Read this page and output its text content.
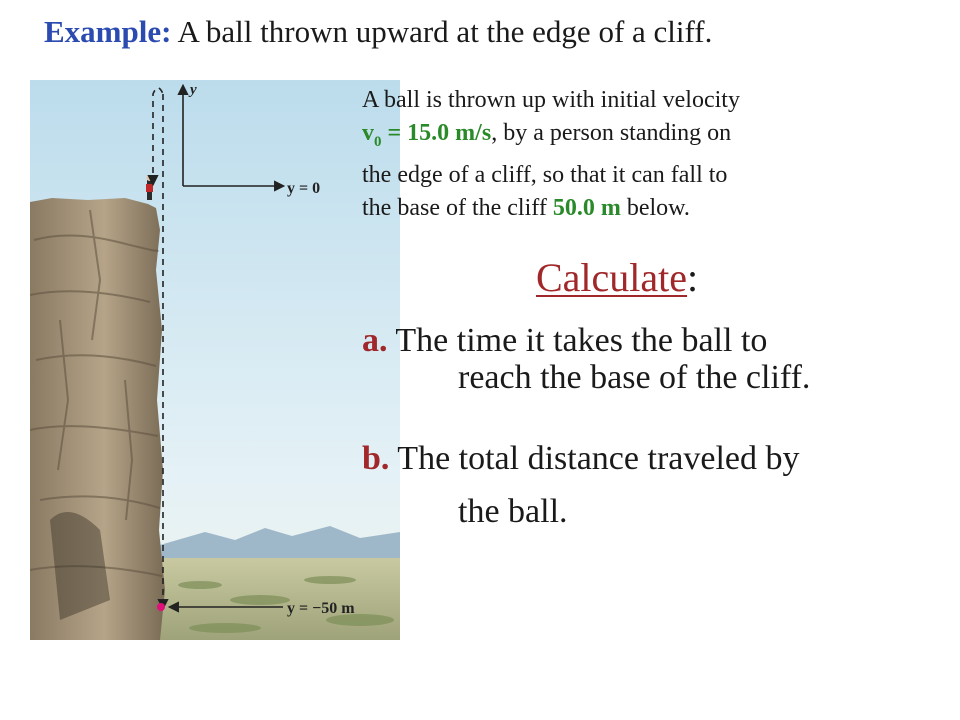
Example: A ball thrown upward at the edge of a cliff.
y
y = 0
y = −50 m
A ball is thrown up with initial velocity
$v_0 = 15.0$ m/s, by a person standing on
the edge of a cliff, so that it can fall to
the base of the cliff 50.0 m below.
Calculate:
a. The time it takes the ball to
reach the base of the cliff.
b. The total distance traveled by
the ball.
